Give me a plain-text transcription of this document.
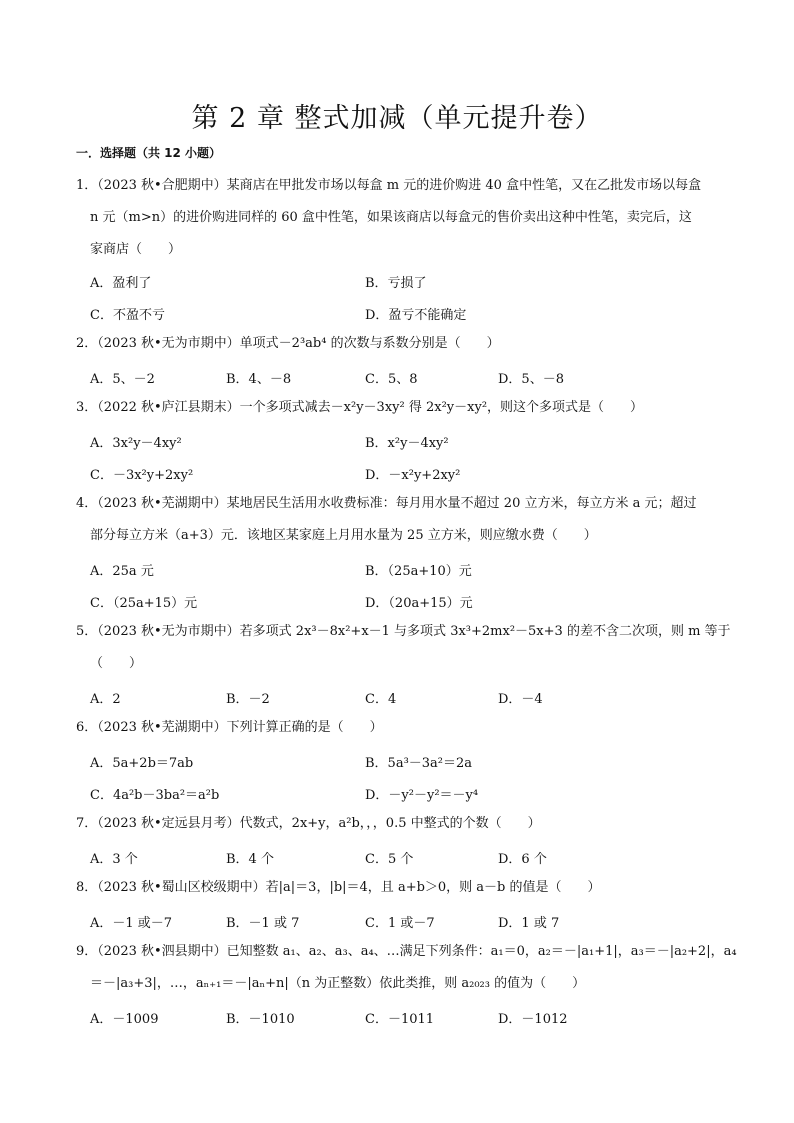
第 2 章 整式加减（单元提升卷）
一．选择题（共 12 小题）
1．（2023 秋•合肥期中）某商店在甲批发市场以每盒 m 元的进价购进 40 盒中性笔，又在乙批发市场以每盒
n 元（m>n）的进价购进同样的 60 盒中性笔，如果该商店以每盒元的售价卖出这种中性笔，卖完后，这
家商店（　　）
A．盈利了	B．亏损了
C．不盈不亏	D．盈亏不能确定
2．（2023 秋•无为市期中）单项式－2³ab⁴ 的次数与系数分别是（　　）
A．5、－2	B．4、－8	C．5、8	D．5、－8
3．（2022 秋•庐江县期末）一个多项式减去－x²y－3xy² 得 2x²y－xy²，则这个多项式是（　　）
A．3x²y－4xy²	B．x²y－4xy²
C．－3x²y+2xy²	D．－x²y+2xy²
4．（2023 秋•芜湖期中）某地居民生活用水收费标准：每月用水量不超过 20 立方米，每立方米 a 元；超过
部分每立方米（a+3）元．该地区某家庭上月用水量为 25 立方米，则应缴水费（　　）
A．25a 元	B．（25a+10）元
C．（25a+15）元	D．（20a+15）元
5．（2023 秋•无为市期中）若多项式 2x³－8x²+x－1 与多项式 3x³+2mx²－5x+3 的差不含二次项，则 m 等于
（　　）
A．2	B．－2	C．4	D．－4
6．（2023 秋•芜湖期中）下列计算正确的是（　　）
A．5a+2b＝7ab	B．5a³－3a²＝2a
C．4a²b－3ba²＝a²b	D．－y²－y²＝－y⁴
7．（2023 秋•定远县月考）代数式，2x+y，a²b，，，0.5 中整式的个数（　　）
A．3 个	B．4 个	C．5 个	D．6 个
8．（2023 秋•蜀山区校级期中）若|a|＝3，|b|＝4，且 a+b＞0，则 a－b 的值是（　　）
A．－1 或－7	B．－1 或 7	C．1 或－7	D．1 或 7
9．（2023 秋•泗县期中）已知整数 a₁、a₂、a₃、a₄、…满足下列条件：a₁＝0，a₂＝－|a₁+1|，a₃＝－|a₂+2|，a₄
＝－|a₃+3|，…，aₙ₊₁＝－|aₙ+n|（n 为正整数）依此类推，则 a₂₀₂₃ 的值为（　　）
A．－1009	B．－1010	C．－1011	D．－1012
